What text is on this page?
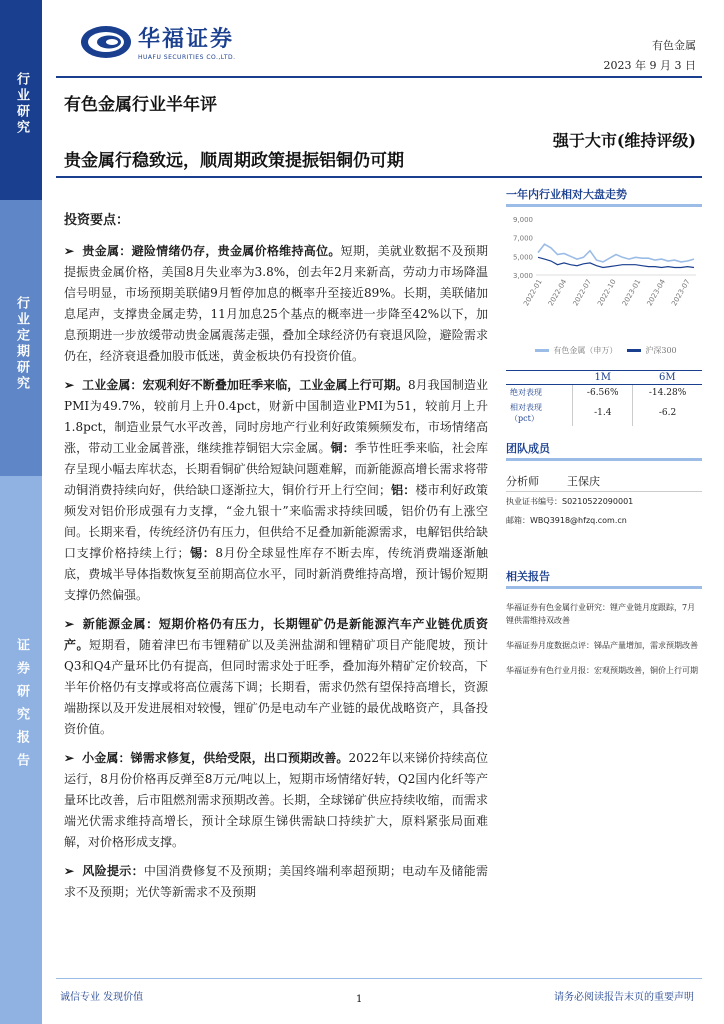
行业研究
行业定期研究
证券研究报告
华福证券
HUAFU SECURITIES CO.,LTD.
有色金属
2023 年 9 月 3 日
有色金属行业半年评
强于大市(维持评级)
贵金属行稳致远，顺周期政策提振铝铜仍可期
投资要点：
➢ 贵金属：避险情绪仍存，贵金属价格维持高位。短期，美就业数据不及预期提振贵金属价格，美国8月失业率为3.8%，创去年2月来新高，劳动力市场降温信号明显，市场预期美联储9月暂停加息的概率升至接近89%。长期，美联储加息尾声，支撑贵金属走势，11月加息25个基点的概率进一步降至42%以下，加息预期进一步放缓带动贵金属震荡走强，叠加全球经济仍有衰退风险，避险需求仍在，经济衰退叠加股市低迷，黄金板块仍有投资价值。
➢ 工业金属：宏观利好不断叠加旺季来临，工业金属上行可期。8月我国制造业PMI为49.7%，较前月上升0.4pct，财新中国制造业PMI为51，较前月上升1.8pct，制造业景气水平改善，同时房地产行业利好政策频频发布，市场情绪高涨，带动工业金属普涨，继续推荐铜铝大宗金属。铜：季节性旺季来临，社会库存呈现小幅去库状态，长期看铜矿供给短缺问题难解，而新能源高增长需求将带动铜消费持续向好，供给缺口逐渐拉大，铜价行开上行空间；铝：楼市利好政策频发对铝价形成强有力支撑，“金九银十”来临需求持续回暖，铝价仍有上涨空间。长期来看，传统经济仍有压力，但供给不足叠加新能源需求，电解铝供给缺口支撑价格持续上行；锡：8月份全球显性库存不断去库，传统消费端逐渐触底，费城半导体指数恢复至前期高位水平，同时新消费维持高增，预计锡价短期支撑仍然偏强。
➢ 新能源金属：短期价格仍有压力，长期锂矿仍是新能源汽车产业链优质资产。短期看，随着津巴布韦锂精矿以及美洲盐湖和锂精矿项目产能爬坡，预计Q3和Q4产量环比仍有提高，但同时需求处于旺季，叠加海外精矿定价较高，下半年价格仍有支撑或将高位震荡下调；长期看，需求仍然有望保持高增长，资源端勘探以及开发进展相对较慢，锂矿仍是电动车产业链的最优战略资产，具备投资价值。
➢ 小金属：锑需求修复，供给受限，出口预期改善。2022年以来锑价持续高位运行，8月份价格再反弹至8万元/吨以上，短期市场情绪好转，Q2国内化纤等产量环比改善，后市阻燃剂需求预期改善。长期，全球锑矿供应持续收缩，而需求端光伏需求维持高增长，预计全球原生锑供需缺口持续扩大，原料紧张局面难解，对价格形成支撑。
➢ 风险提示：中国消费修复不及预期；美国终端利率超预期；电动车及储能需求不及预期；光伏等新需求不及预期
一年内行业相对大盘走势
3,000
5,000
7,000
9,000
2022-01 2022-04 2022-07 2022-10 2023-01 2023-04 2023-07
有色金属（申万）	沪深300
	1M	6M
绝对表现	-6.56%	-14.28%
相对表现
（pct）	-1.4	-6.2
团队成员
分析师	王保庆
执业证书编号：S0210522090001
邮箱：WBQ3918@hfzq.com.cn
相关报告
华福证券有色金属行业研究：锂产业链月度跟踪，7月锂供需维持双改善
华福证券月度数据点评：锑品产量增加，需求预期改善
华福证券有色行业月报：宏观预期改善，铜价上行可期
诚信专业 发现价值	1	请务必阅读报告末页的重要声明
